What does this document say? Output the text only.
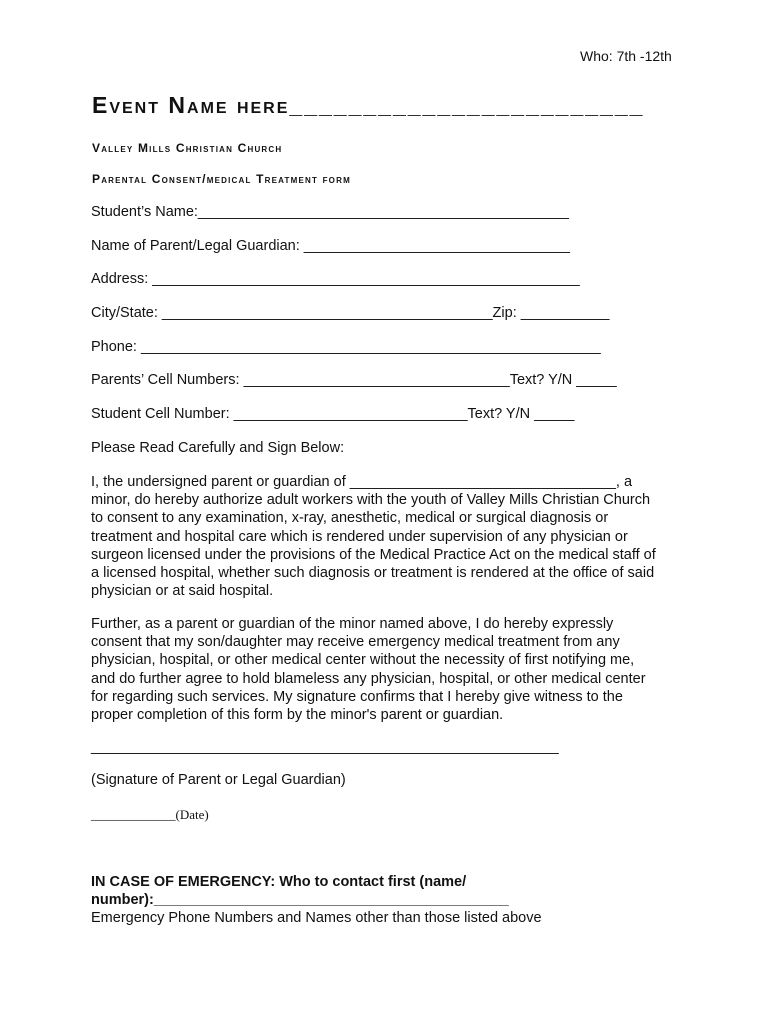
Who: 7th -12th
Event Name here________________________
Valley Mills Christian Church
Parental Consent/medical Treatment form
Student’s Name:______________________________________________
Name of Parent/Legal Guardian: _________________________________
Address: _____________________________________________________
City/State: _________________________________________Zip: ___________
Phone: _________________________________________________________
Parents’ Cell Numbers: _________________________________Text? Y/N _____
Student Cell Number: _____________________________Text? Y/N _____
Please Read Carefully and Sign Below:
I, the undersigned parent or guardian of _________________________________, a
minor, do hereby authorize adult workers with the youth of Valley Mills Christian Church
to consent to any examination, x-ray, anesthetic, medical or surgical diagnosis or
treatment and hospital care which is rendered under supervision of any physician or
surgeon licensed under the provisions of the Medical Practice Act on the medical staff of
a licensed hospital, whether such diagnosis or treatment is rendered at the office of said
physician or at said hospital.
Further, as a parent or guardian of the minor named above, I do hereby expressly
consent that my son/daughter may receive emergency medical treatment from any
physician, hospital, or other medical center without the necessity of first notifying me,
and do further agree to hold blameless any physician, hospital, or other medical center
for regarding such services. My signature confirms that I hereby give witness to the
proper completion of this form by the minor's parent or guardian.
__________________________________________________________
(Signature of Parent or Legal Guardian)
_____________(Date)
IN CASE OF EMERGENCY: Who to contact first (name/
number):____________________________________________
Emergency Phone Numbers and Names other than those listed above
